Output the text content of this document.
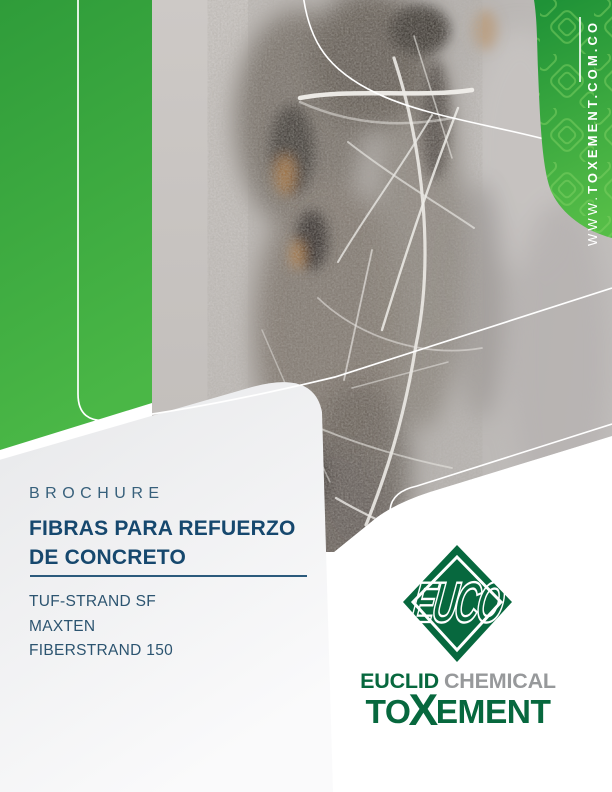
WWW.TOXEMENT.COM.CO
EUCO
BROCHURE
FIBRAS PARA REFUERZO
DE CONCRETO
TUF-STRAND SF
MAXTEN
FIBERSTRAND 150
EUCLID CHEMICAL
TOXEMENT
